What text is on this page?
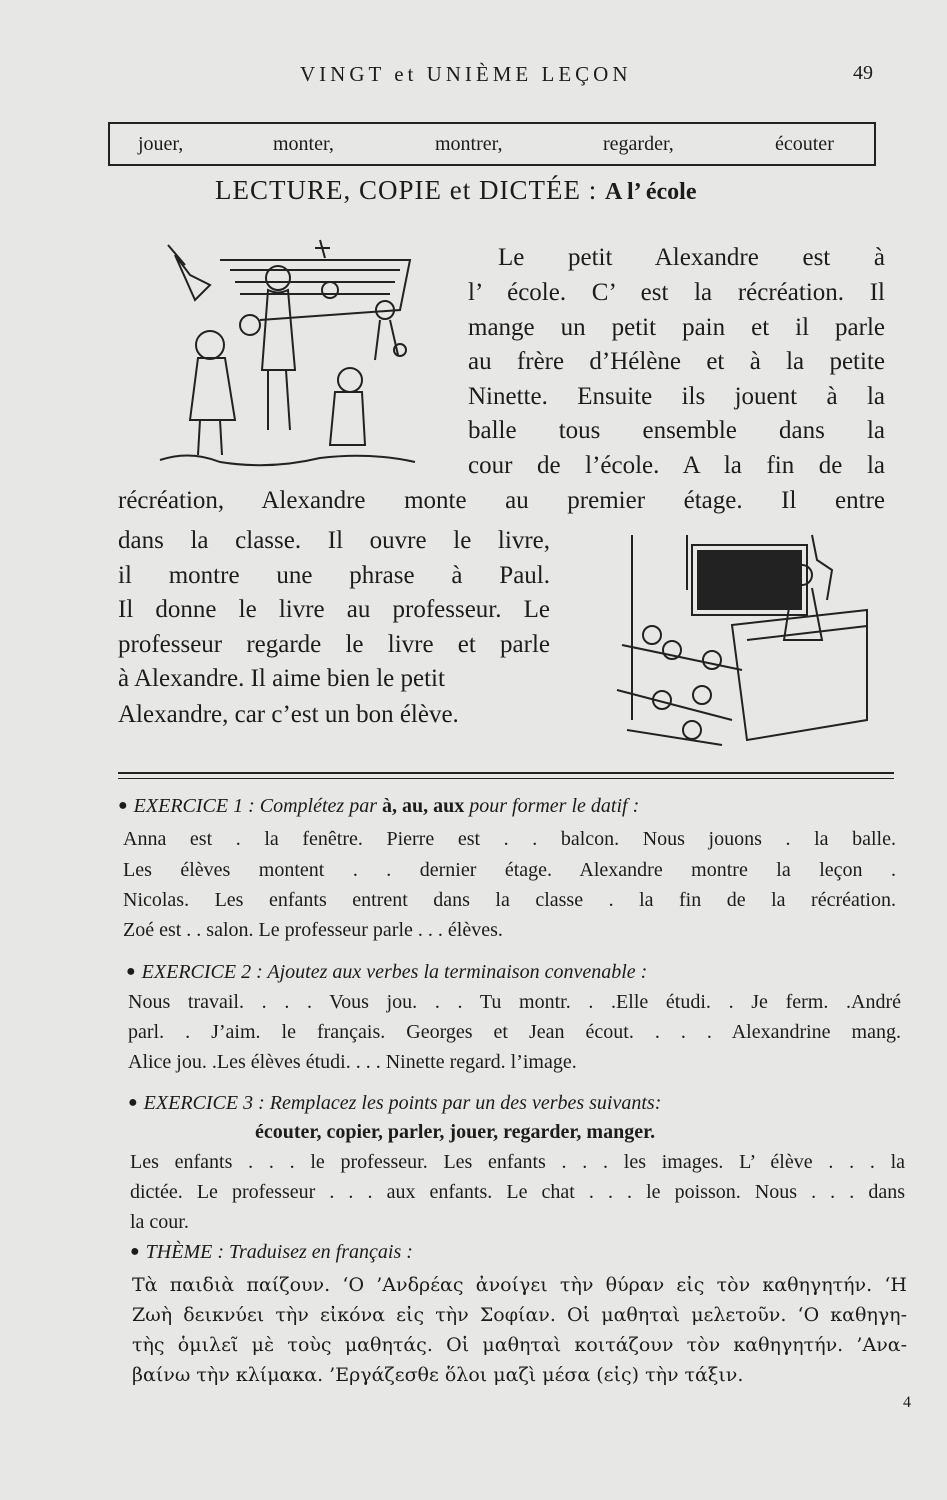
VINGT et UNIÈME LEÇON	49
jouer,	monter,	montrer,	regarder,	écouter
LECTURE, COPIE et DICTÉE : A l’ école
Le petit Alexandre est à
l’ école. C’ est la récréation. Il
mange un petit pain et il parle
au frère d’Hélène et à la petite
Ninette. Ensuite ils jouent à la
balle tous ensemble dans la
cour de l’école. A la fin de la
récréation, Alexandre monte au premier étage. Il entre
dans la classe. Il ouvre le livre,
il montre une phrase à Paul.
Il donne le livre au professeur. Le
professeur regarde le livre et parle
à Alexandre. Il aime bien le petit
Alexandre, car c’est un bon élève.
● EXERCICE 1 : Complétez par à, au, aux pour former le datif :
Anna est . la fenêtre. Pierre est . . balcon. Nous jouons . la balle.
Les élèves montent . . dernier étage. Alexandre montre la leçon .
Nicolas. Les enfants entrent dans la classe . la fin de la récréation.
Zoé est . . salon. Le professeur parle . . . élèves.
● EXERCICE 2 : Ajoutez aux verbes la terminaison convenable :
Nous travail. . . . Vous jou. . . Tu montr. . .Elle étudi. . Je ferm. .André
parl. . J’aim. le français. Georges et Jean écout. . . . Alexandrine mang.
Alice jou. .Les élèves étudi. . . . Ninette regard. l’image.
● EXERCICE 3 : Remplacez les points par un des verbes suivants:
écouter, copier, parler, jouer, regarder, manger.
Les enfants . . . le professeur. Les enfants . . . les images. L’ élève . . . la
dictée. Le professeur . . . aux enfants. Le chat . . . le poisson. Nous . . . dans
la cour.
● THÈME : Traduisez en français :
Τὰ παιδιὰ παίζουν. ‘Ο ’Ανδρέας ἀνοίγει τὴν θύραν εἰς τὸν καθηγητήν. ‘Η
Ζωὴ δεικνύει τὴν εἰκόνα εἰς τὴν Σοφίαν. Οἱ μαθηταὶ μελετοῦν. ‘Ο καθηγη-
τὴς ὁμιλεῖ μὲ τοὺς μαθητάς. Οἱ μαθηταὶ κοιτάζουν τὸν καθηγητήν. ’Ανα-
βαίνω τὴν κλίμακα. ’Εργάζεσθε ὅλοι μαζὶ μέσα (εἰς) τὴν τάξιν.
4
